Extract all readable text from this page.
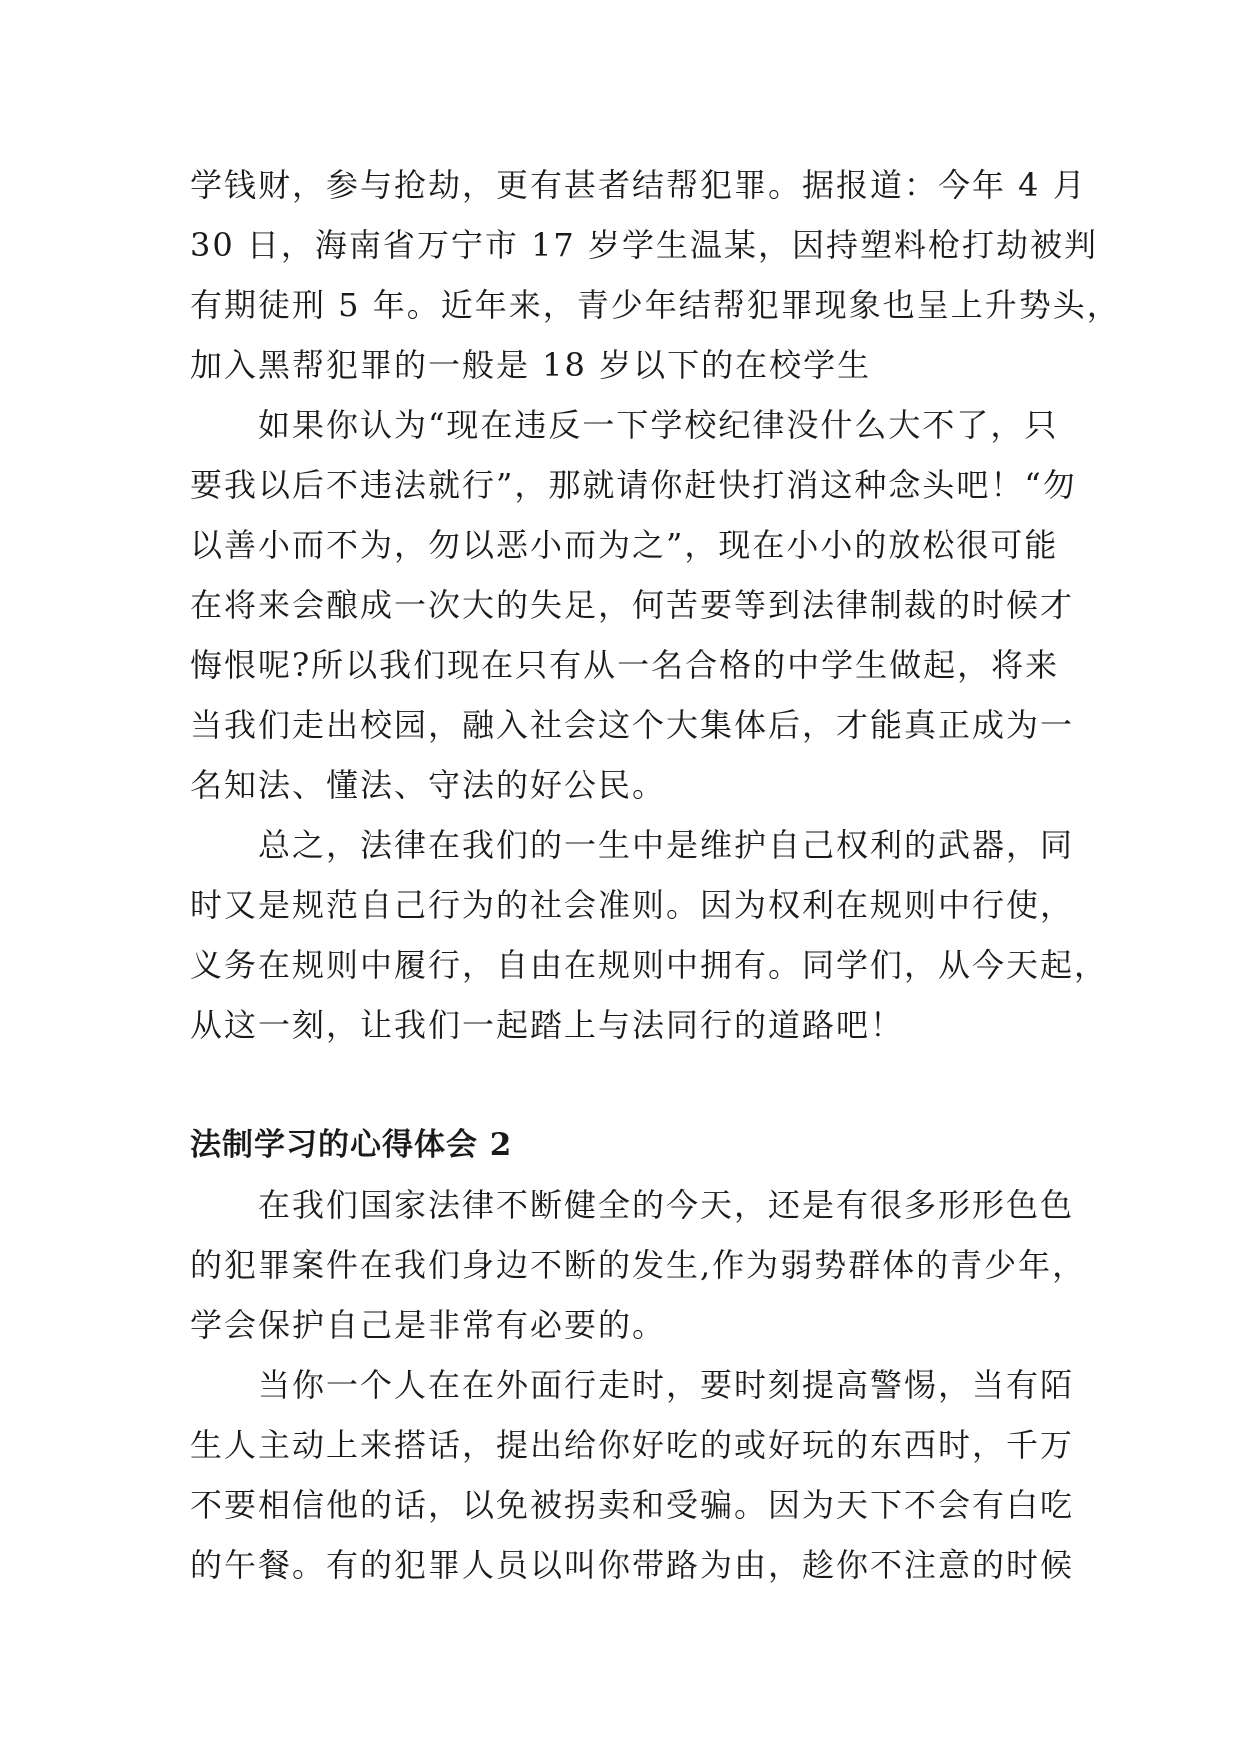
学钱财，参与抢劫，更有甚者结帮犯罪。据报道：今年 4 月
30 日，海南省万宁市 17 岁学生温某，因持塑料枪打劫被判
有期徒刑 5 年。近年来，青少年结帮犯罪现象也呈上升势头，
加入黑帮犯罪的一般是 18 岁以下的在校学生
如果你认为“现在违反一下学校纪律没什么大不了，只
要我以后不违法就行”，那就请你赶快打消这种念头吧！“勿
以善小而不为，勿以恶小而为之”，现在小小的放松很可能
在将来会酿成一次大的失足，何苦要等到法律制裁的时候才
悔恨呢?所以我们现在只有从一名合格的中学生做起，将来
当我们走出校园，融入社会这个大集体后，才能真正成为一
名知法、懂法、守法的好公民。
总之，法律在我们的一生中是维护自己权利的武器，同
时又是规范自己行为的社会准则。因为权利在规则中行使，
义务在规则中履行，自由在规则中拥有。同学们，从今天起，
从这一刻，让我们一起踏上与法同行的道路吧！
法制学习的心得体会 2
在我们国家法律不断健全的今天，还是有很多形形色色
的犯罪案件在我们身边不断的发生,作为弱势群体的青少年，
学会保护自己是非常有必要的。
当你一个人在在外面行走时，要时刻提高警惕，当有陌
生人主动上来搭话，提出给你好吃的或好玩的东西时，千万
不要相信他的话，以免被拐卖和受骗。因为天下不会有白吃
的午餐。有的犯罪人员以叫你带路为由，趁你不注意的时候
